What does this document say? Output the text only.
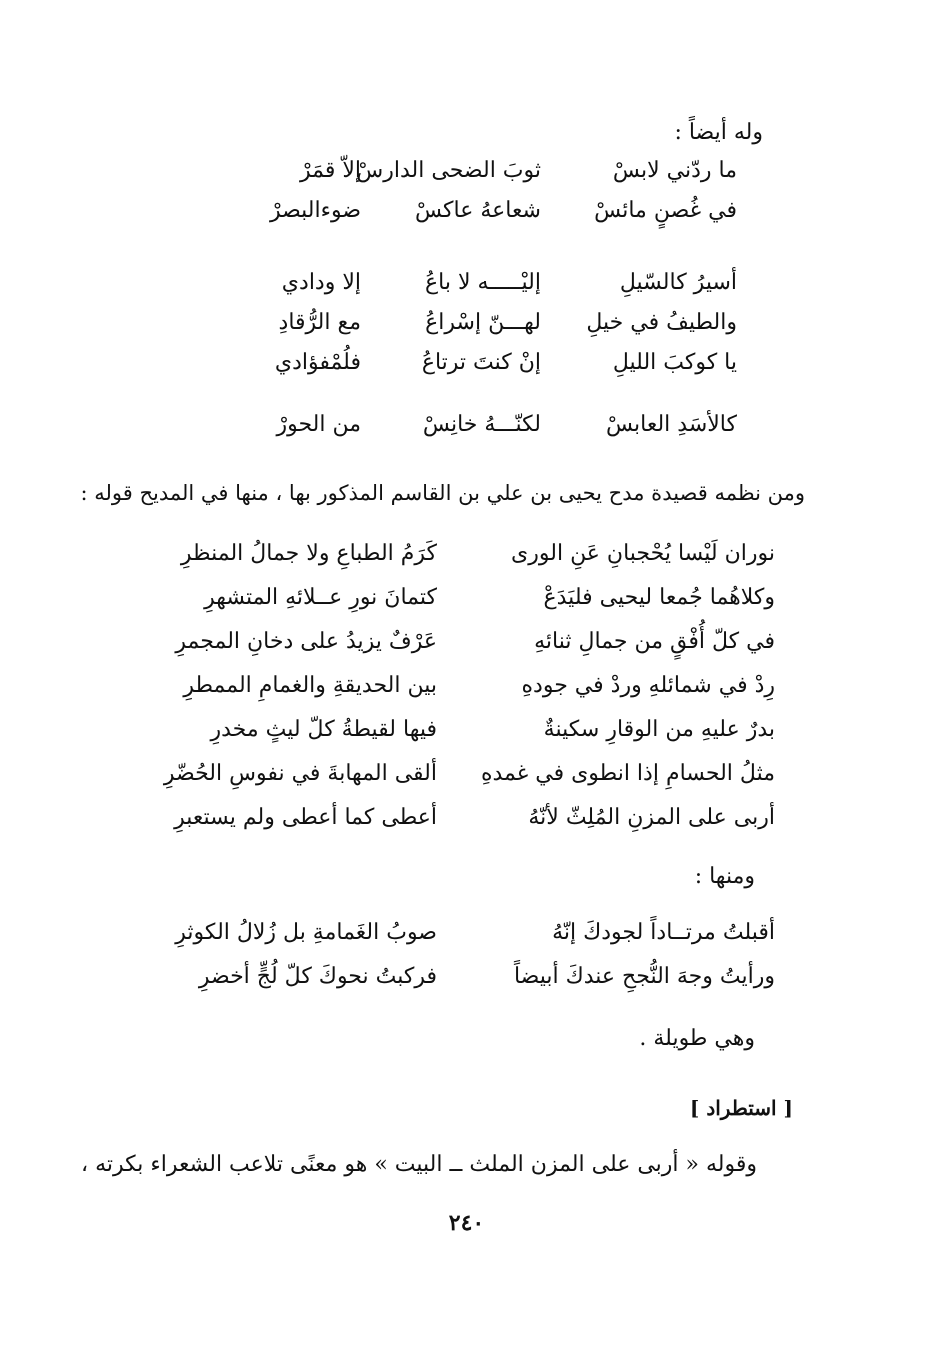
وله أيضاً :
ما ردّني لابسْ
ثوبَ الضحى الدارسْ
إلاّ قمَرْ
في غُصنٍ مائسْ
شعاعهُ عاكسْ
ضوءالبصرْ
أسيرُ كالسّيلِ
إليْـــــه لا باعُ
إلا ودادي
والطيفُ في خيلِ
لهـــنّ إسْراعُ
مع الرُّقادِ
يا كوكبَ الليلِ
إنْ كنتَ ترتاعُ
فلُمْفؤادي
كالأسَدِ العابسْ
لكنّـــهُ خانِسْ
من الحورْ
ومن نظمه قصيدة مدح يحيى بن علي بن القاسم المذكور بها ، منها في المديح قوله :
نوران لَيْسا يُحْجبانِ عَنِ الورى
كَرَمُ الطباعِ ولا جمالُ المنظرِ
وكلاهُما جُمعا ليحيى فليَدَعْ
كتمانَ نورِ عــلائهِ المتشهرِ
في كلّ أُفْقٍ من جمالِ ثنائهِ
عَرْفٌ يزيدُ على دخانِ المجمرِ
رِدْ في شمائلهِ وردْ في جودهِ
بين الحديقةِ والغمامِ الممطرِ
بدرٌ عليهِ من الوقارِ سكينةٌ
فيها لقيطةُ كلّ ليثٍ مخدرِ
مثلُ الحسامِ إذا انطوى في غمدهِ
ألقى المهابةَ في نفوسِ الحُضّرِ
أربى على المزنِ المُلِثّ لأنّهُ
أعطى كما أعطى ولم يستعبرِ
ومنها :
أقبلتُ مرتــاداً لجودكَ إنّهُ
صوبُ الغَمامةِ بل زُلالُ الكوثرِ
ورأيتُ وجهَ النُّجحِ عندكَ أبيضاً
فركبتُ نحوكَ كلّ لُجٍّ أخضرِ
وهي طويلة .
[ استطراد ]
وقوله « أربى على المزن الملث ــ البيت » هو معنًى تلاعب الشعراء بكرته ،
٢٤٠
